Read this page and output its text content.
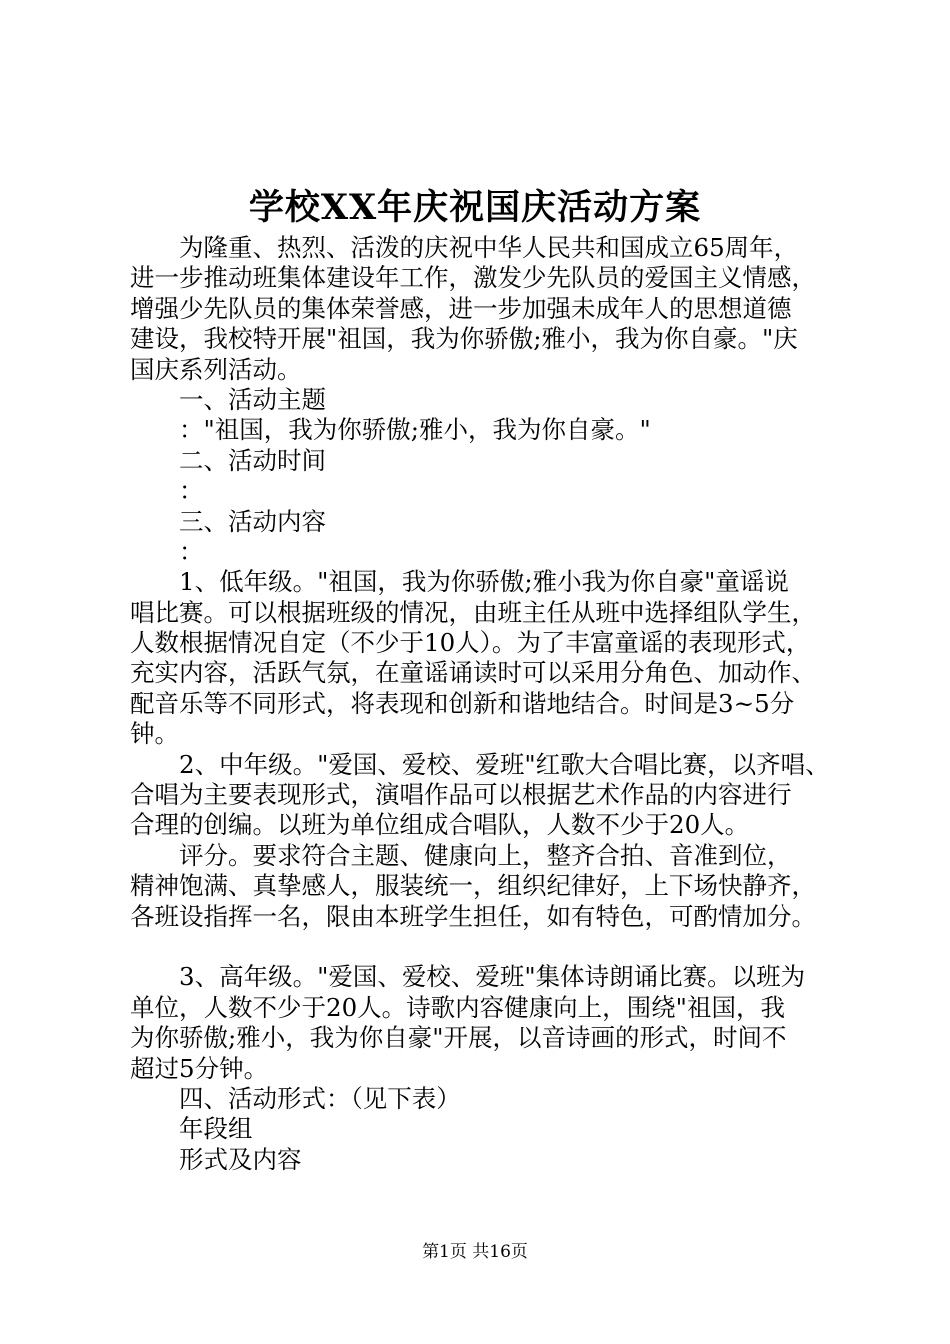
学校XX年庆祝国庆活动方案
为隆重、热烈、活泼的庆祝中华人民共和国成立65周年，
进一步推动班集体建设年工作，激发少先队员的爱国主义情感，
增强少先队员的集体荣誉感，进一步加强未成年人的思想道德
建设，我校特开展"祖国，我为你骄傲;雅小，我为你自豪。"庆
国庆系列活动。
一、活动主题
："祖国，我为你骄傲;雅小，我为你自豪。"
二、活动时间
：
三、活动内容
：
1、低年级。"祖国，我为你骄傲;雅小我为你自豪"童谣说
唱比赛。可以根据班级的情况，由班主任从班中选择组队学生，
人数根据情况自定（不少于10人）。为了丰富童谣的表现形式，
充实内容，活跃气氛，在童谣诵读时可以采用分角色、加动作、
配音乐等不同形式，将表现和创新和谐地结合。时间是3~5分
钟。
2、中年级。"爱国、爱校、爱班"红歌大合唱比赛，以齐唱、
合唱为主要表现形式，演唱作品可以根据艺术作品的内容进行
合理的创编。以班为单位组成合唱队，人数不少于20人。
评分。要求符合主题、健康向上，整齐合拍、音准到位，
精神饱满、真挚感人，服装统一，组织纪律好，上下场快静齐，
各班设指挥一名，限由本班学生担任，如有特色，可酌情加分。
3、高年级。"爱国、爱校、爱班"集体诗朗诵比赛。以班为
单位，人数不少于20人。诗歌内容健康向上，围绕"祖国，我
为你骄傲;雅小，我为你自豪"开展，以音诗画的形式，时间不
超过5分钟。
四、活动形式：（见下表）
年段组
形式及内容
第1页 共16页
